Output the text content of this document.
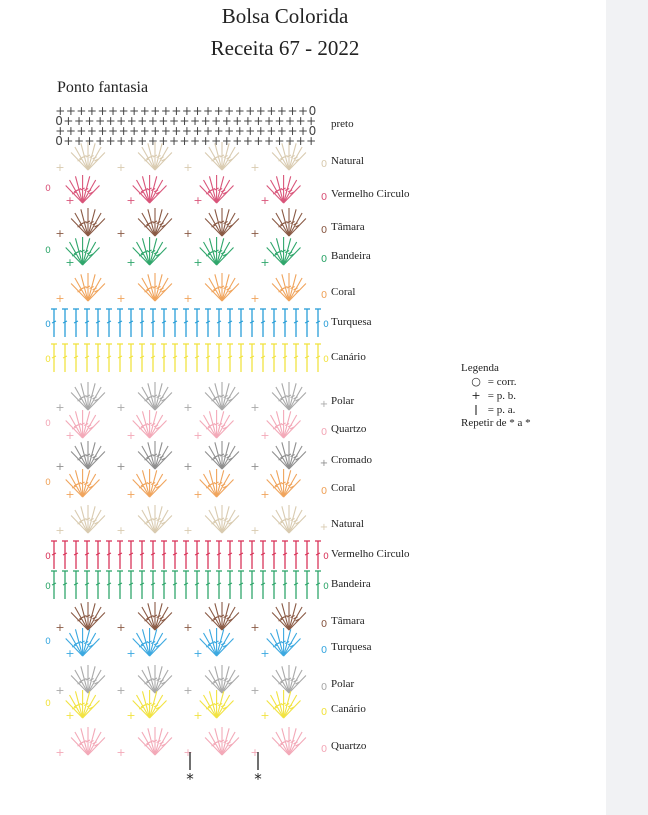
Bolsa Colorida
Receita 67 - 2022
Ponto fantasia
++++++++++++++++++++++++0
0++++++++++++++++++++++++
++++++++++++++++++++++++0
0++++++++++++++++++++++++
+	+	+	+	0
+	+	+	+	0
0
+	+	+	+	0
+	+	+	+	0
0
+	+	+	+	0
0	0
0	0
+	+	+	+	+
+	+	+	+	0
0
+	+	+	+	+
+	+	+	+	0
0
+	+	+	+	+
0	0
0	0
+	+	+	+	0
+	+	+	+	0
0
+	+	+	+	0
+	+	+	+	0
0
+	+	+	+	0
*	*
preto
Natural
Vermelho Circulo
Tâmara
Bandeira
Coral
Turquesa
Canário
Polar
Quartzo
Cromado
Coral
Natural
Vermelho Circulo
Bandeira
Tâmara
Turquesa
Polar
Canário
Quartzo
Legenda
○ = corr.
+ = p. b.
ǀ = p. a.
Repetir de * a *
